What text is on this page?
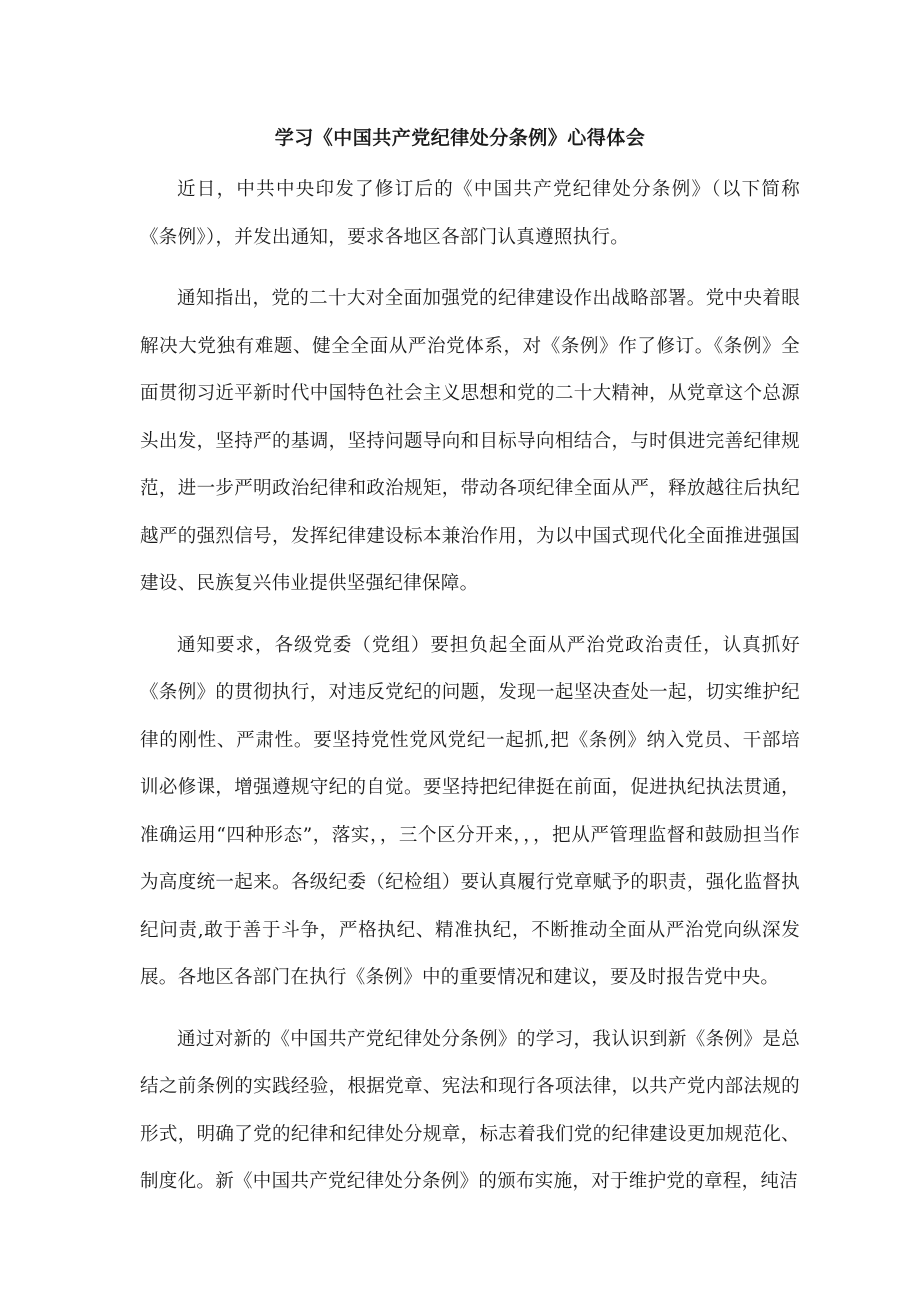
学习《中国共产党纪律处分条例》心得体会

近日，中共中央印发了修订后的《中国共产党纪律处分条例》（以下简称《条例》），并发出通知，要求各地区各部门认真遵照执行。

通知指出，党的二十大对全面加强党的纪律建设作出战略部署。党中央着眼解决大党独有难题、健全全面从严治党体系，对《条例》作了修订。《条例》全面贯彻习近平新时代中国特色社会主义思想和党的二十大精神，从党章这个总源头出发，坚持严的基调，坚持问题导向和目标导向相结合，与时俱进完善纪律规范，进一步严明政治纪律和政治规矩，带动各项纪律全面从严，释放越往后执纪越严的强烈信号，发挥纪律建设标本兼治作用，为以中国式现代化全面推进强国建设、民族复兴伟业提供坚强纪律保障。

通知要求，各级党委（党组）要担负起全面从严治党政治责任，认真抓好《条例》的贯彻执行，对违反党纪的问题，发现一起坚决查处一起，切实维护纪律的刚性、严肃性。要坚持党性党风党纪一起抓,把《条例》纳入党员、干部培训必修课，增强遵规守纪的自觉。要坚持把纪律挺在前面，促进执纪执法贯通，准确运用“四种形态”，落实，，三个区分开来，，，把从严管理监督和鼓励担当作为高度统一起来。各级纪委（纪检组）要认真履行党章赋予的职责，强化监督执纪问责,敢于善于斗争，严格执纪、精准执纪，不断推动全面从严治党向纵深发展。各地区各部门在执行《条例》中的重要情况和建议，要及时报告党中央。

通过对新的《中国共产党纪律处分条例》的学习，我认识到新《条例》是总结之前条例的实践经验，根据党章、宪法和现行各项法律，以共产党内部法规的形式，明确了党的纪律和纪律处分规章，标志着我们党的纪律建设更加规范化、制度化。新《中国共产党纪律处分条例》的颁布实施，对于维护党的章程，纯洁
